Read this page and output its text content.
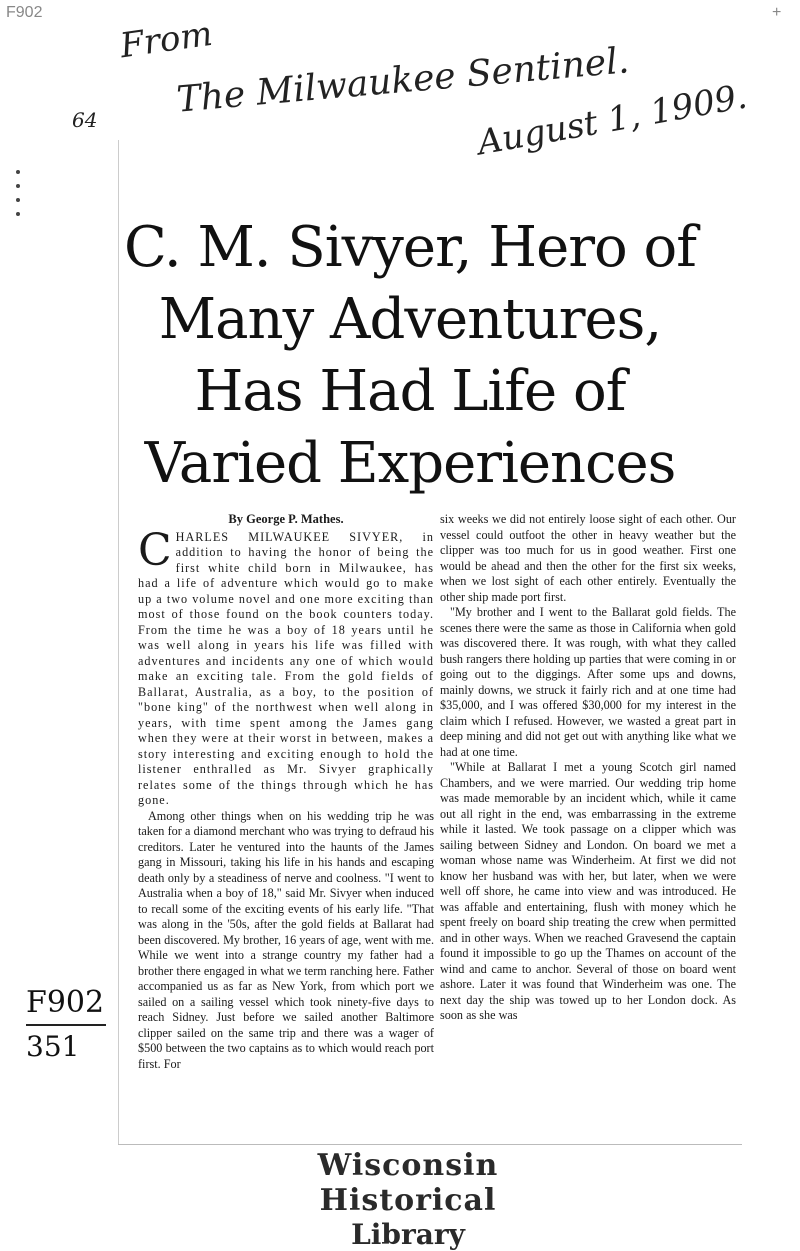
F902	+
From
The Milwaukee Sentinel.
August 1, 1909.
64
C. M. Sivyer, Hero of
Many Adventures,
Has Had Life of
Varied Experiences
By George P. Mathes.

CHARLES MILWAUKEE SIVYER, in addition to having the honor of being the first white child born in Milwaukee, has had a life of adventure which would go to make up a two volume novel and one more exciting than most of those found on the book counters today. From the time he was a boy of 18 years until he was well along in years his life was filled with adventures and incidents any one of which would make an exciting tale. From the gold fields of Ballarat, Australia, as a boy, to the position of "bone king" of the northwest when well along in years, with time spent among the James gang when they were at their worst in between, makes a story interesting and exciting enough to hold the listener enthralled as Mr. Sivyer graphically relates some of the things through which he has gone.

Among other things when on his wedding trip he was taken for a diamond merchant who was trying to defraud his creditors. Later he ventured into the haunts of the James gang in Missouri, taking his life in his hands and escaping death only by a steadiness of nerve and coolness. "I went to Australia when a boy of 18," said Mr. Sivyer when induced to recall some of the exciting events of his early life. "That was along in the '50s, after the gold fields at Ballarat had been discovered. My brother, 16 years of age, went with me. While we went into a strange country my father had a brother there engaged in what we term ranching here. Father accompanied us as far as New York, from which port we sailed on a sailing vessel which took ninety-five days to reach Sidney. Just before we sailed another Baltimore clipper sailed on the same trip and there was a wager of $500 between the two captains as to which would reach port first. For

six weeks we did not entirely loose sight of each other. Our vessel could outfoot the other in heavy weather but the clipper was too much for us in good weather. First one would be ahead and then the other for the first six weeks, when we lost sight of each other entirely. Eventually the other ship made port first.

"My brother and I went to the Ballarat gold fields. The scenes there were the same as those in California when gold was discovered there. It was rough, with what they called bush rangers there holding up parties that were coming in or going out to the diggings. After some ups and downs, mainly downs, we struck it fairly rich and at one time had $35,000, and I was offered $30,000 for my interest in the claim which I refused. However, we wasted a great part in deep mining and did not get out with anything like what we had at one time.

"While at Ballarat I met a young Scotch girl named Chambers, and we were married. Our wedding trip home was made memorable by an incident which, while it came out all right in the end, was embarrassing in the extreme while it lasted. We took passage on a clipper which was sailing between Sidney and London. On board we met a woman whose name was Winderheim. At first we did not know her husband was with her, but later, when we were well off shore, he came into view and was introduced. He was affable and entertaining, flush with money which he spent freely on board ship treating the crew when permitted and in other ways. When we reached Gravesend the captain found it impossible to go up the Thames on account of the wind and came to anchor. Several of those on board went ashore. Later it was found that Winderheim was one. The next day the ship was towed up to her London dock. As soon as she was

F902
351
Wisconsin Historical
Library
